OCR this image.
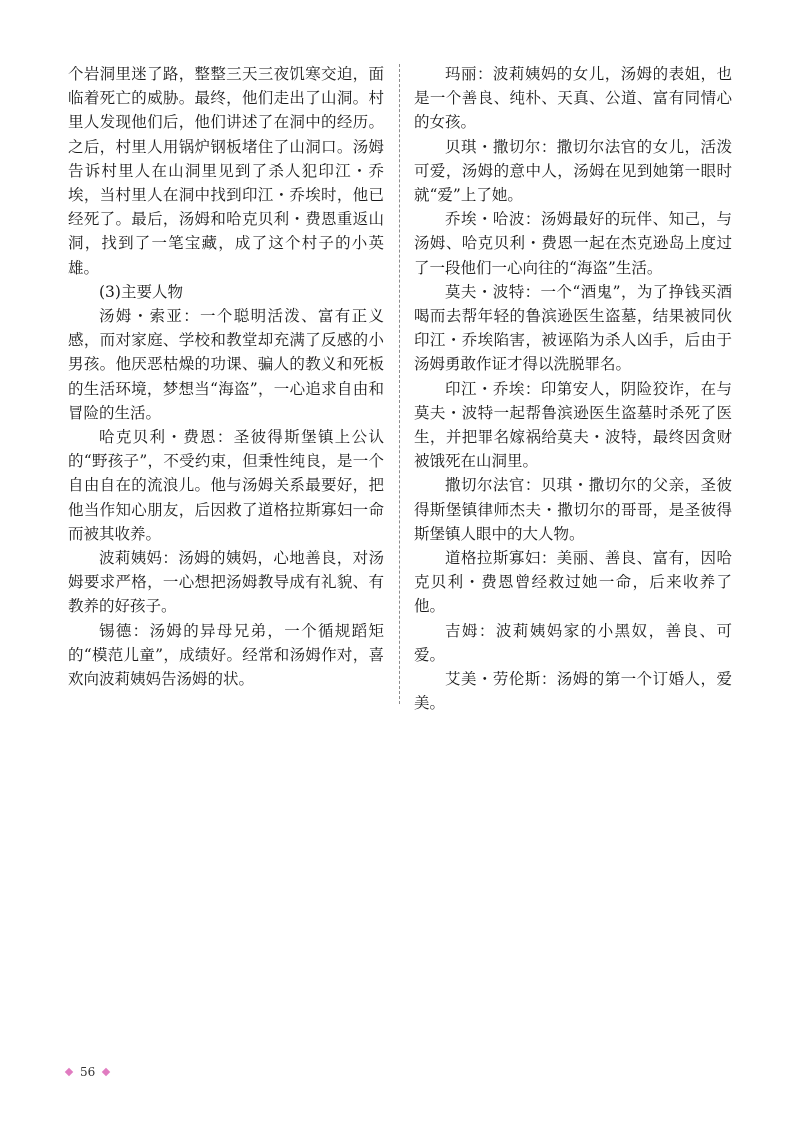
个岩洞里迷了路，整整三天三夜饥寒交迫，面临着死亡的威胁。最终，他们走出了山洞。村里人发现他们后，他们讲述了在洞中的经历。之后，村里人用锅炉钢板堵住了山洞口。汤姆告诉村里人在山洞里见到了杀人犯印江・乔埃，当村里人在洞中找到印江・乔埃时，他已经死了。最后，汤姆和哈克贝利・费恩重返山洞，找到了一笔宝藏，成了这个村子的小英雄。

(3)主要人物

汤姆・索亚：一个聪明活泼、富有正义感，而对家庭、学校和教堂却充满了反感的小男孩。他厌恶枯燥的功课、骗人的教义和死板的生活环境，梦想当“海盗”，一心追求自由和冒险的生活。

哈克贝利・费恩：圣彼得斯堡镇上公认的“野孩子”，不受约束，但秉性纯良，是一个自由自在的流浪儿。他与汤姆关系最要好，把他当作知心朋友，后因救了道格拉斯寡妇一命而被其收养。

波莉姨妈：汤姆的姨妈，心地善良，对汤姆要求严格，一心想把汤姆教导成有礼貌、有教养的好孩子。

锡德：汤姆的异母兄弟，一个循规蹈矩的“模范儿童”，成绩好。经常和汤姆作对，喜欢向波莉姨妈告汤姆的状。

玛丽：波莉姨妈的女儿，汤姆的表姐，也是一个善良、纯朴、天真、公道、富有同情心的女孩。

贝琪・撒切尔：撒切尔法官的女儿，活泼可爱，汤姆的意中人，汤姆在见到她第一眼时就“爱”上了她。

乔埃・哈波：汤姆最好的玩伴、知己，与汤姆、哈克贝利・费恩一起在杰克逊岛上度过了一段他们一心向往的“海盗”生活。

莫夫・波特：一个“酒鬼”，为了挣钱买酒喝而去帮年轻的鲁滨逊医生盗墓，结果被同伙印江・乔埃陷害，被诬陷为杀人凶手，后由于汤姆勇敢作证才得以洗脱罪名。

印江・乔埃：印第安人，阴险狡诈，在与莫夫・波特一起帮鲁滨逊医生盗墓时杀死了医生，并把罪名嫁祸给莫夫・波特，最终因贪财被饿死在山洞里。

撒切尔法官：贝琪・撒切尔的父亲，圣彼得斯堡镇律师杰夫・撒切尔的哥哥，是圣彼得斯堡镇人眼中的大人物。

道格拉斯寡妇：美丽、善良、富有，因哈克贝利・费恩曾经救过她一命，后来收养了他。

吉姆：波莉姨妈家的小黑奴，善良、可爱。

艾美・劳伦斯：汤姆的第一个订婚人，爱美。

56
